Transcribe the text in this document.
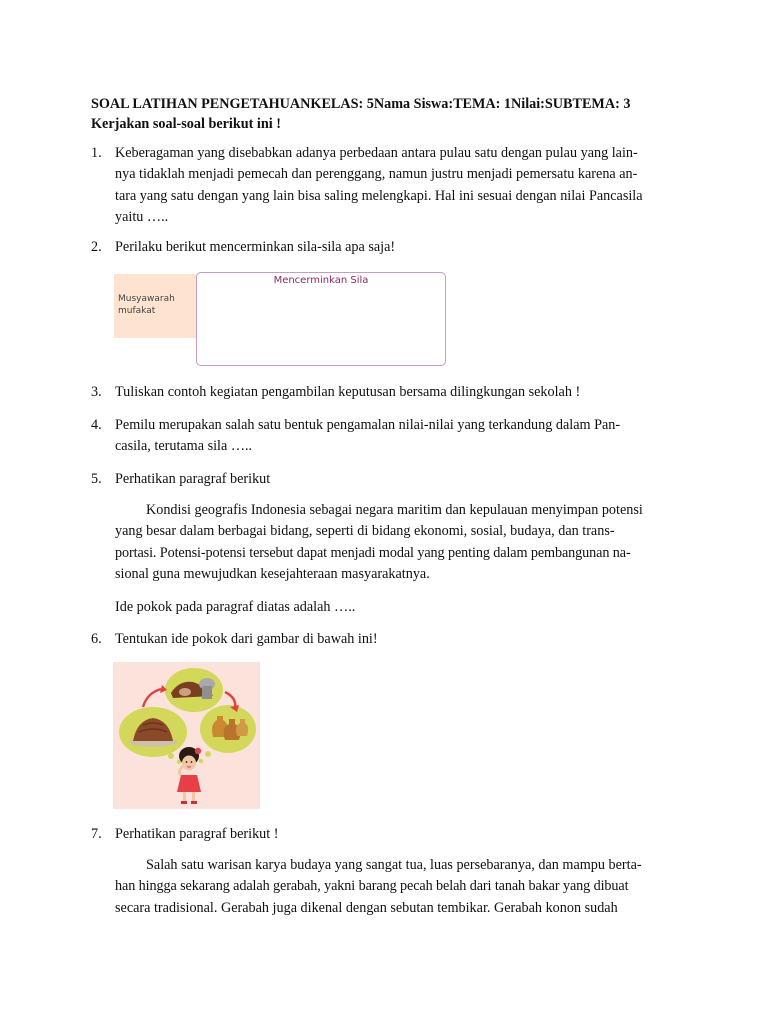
SOAL LATIHAN PENGETAHUANKELAS: 5Nama Siswa:TEMA: 1Nilai:SUBTEMA: 3
Kerjakan soal-soal berikut ini !
1. Keberagaman yang disebabkan adanya perbedaan antara pulau satu dengan pulau yang lain-
nya tidaklah menjadi pemecah dan perenggang, namun justru menjadi pemersatu karena an-
tara yang satu dengan yang lain bisa saling melengkapi. Hal ini sesuai dengan nilai Pancasila
yaitu …..
2. Perilaku berikut mencerminkan sila-sila apa saja!
Musyawarah
mufakat
Mencerminkan Sila
3. Tuliskan contoh kegiatan pengambilan keputusan bersama dilingkungan sekolah !
4. Pemilu merupakan salah satu bentuk pengamalan nilai-nilai yang terkandung dalam Pan-
casila, terutama sila …..
5. Perhatikan paragraf berikut
Kondisi geografis Indonesia sebagai negara maritim dan kepulauan menyimpan potensi
yang besar dalam berbagai bidang, seperti di bidang ekonomi, sosial, budaya, dan trans-
portasi. Potensi-potensi tersebut dapat menjadi modal yang penting dalam pembangunan na-
sional guna mewujudkan kesejahteraan masyarakatnya.
Ide pokok pada paragraf diatas adalah …..
6. Tentukan ide pokok dari gambar di bawah ini!
7. Perhatikan paragraf berikut !
Salah satu warisan karya budaya yang sangat tua, luas persebaranya, dan mampu berta-
han hingga sekarang adalah gerabah, yakni barang pecah belah dari tanah bakar yang dibuat
secara tradisional. Gerabah juga dikenal dengan sebutan tembikar. Gerabah konon sudah
